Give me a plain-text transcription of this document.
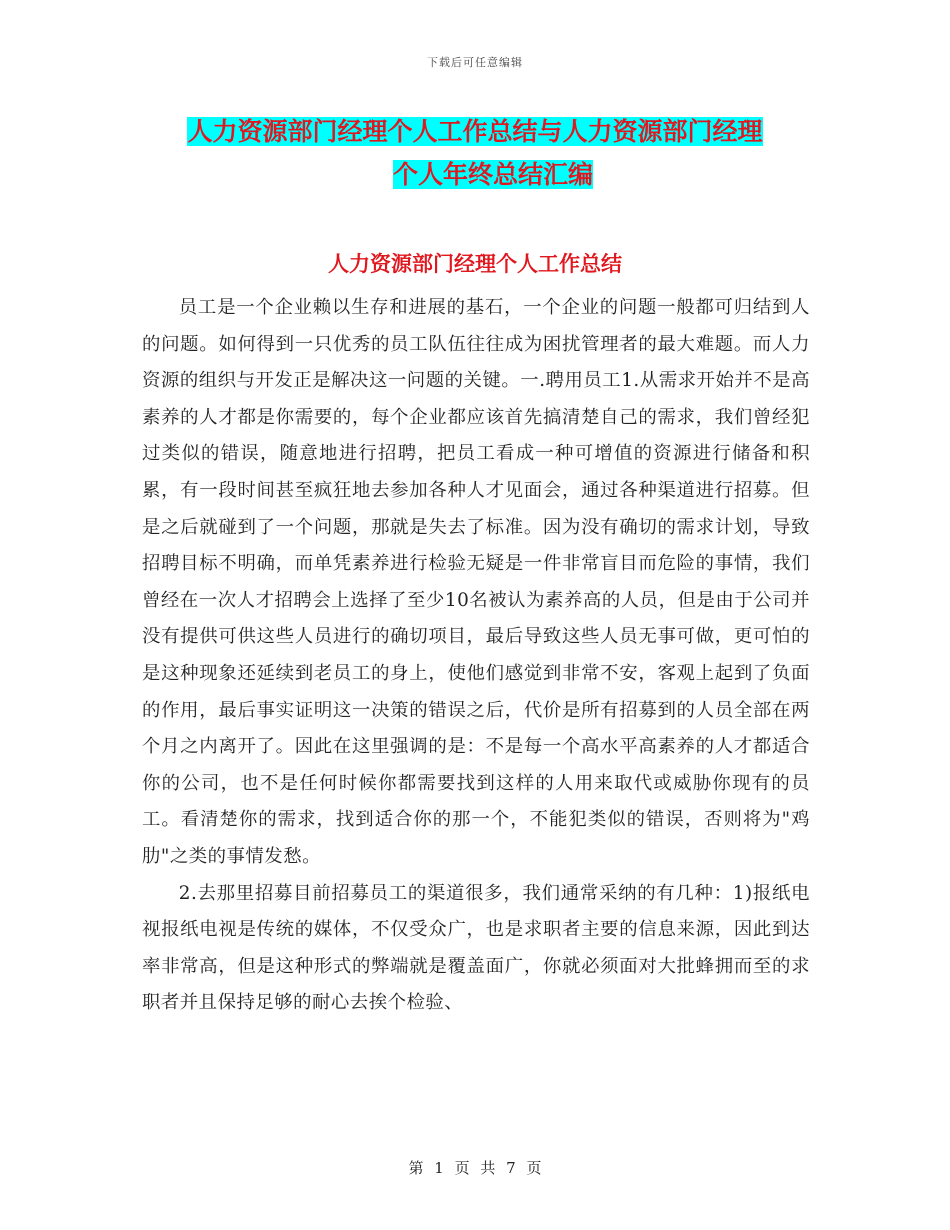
下载后可任意编辑
人力资源部门经理个人工作总结与人力资源部门经理
个人年终总结汇编
人力资源部门经理个人工作总结

员工是一个企业赖以生存和进展的基石，一个企业的问题一般都可归结到人的问题。如何得到一只优秀的员工队伍往往成为困扰管理者的最大难题。而人力资源的组织与开发正是解决这一问题的关键。一.聘用员工1.从需求开始并不是高素养的人才都是你需要的，每个企业都应该首先搞清楚自己的需求，我们曾经犯过类似的错误，随意地进行招聘，把员工看成一种可增值的资源进行储备和积累，有一段时间甚至疯狂地去参加各种人才见面会，通过各种渠道进行招募。但是之后就碰到了一个问题，那就是失去了标准。因为没有确切的需求计划，导致招聘目标不明确，而单凭素养进行检验无疑是一件非常盲目而危险的事情，我们曾经在一次人才招聘会上选择了至少10名被认为素养高的人员，但是由于公司并没有提供可供这些人员进行的确切项目，最后导致这些人员无事可做，更可怕的是这种现象还延续到老员工的身上，使他们感觉到非常不安，客观上起到了负面的作用，最后事实证明这一决策的错误之后，代价是所有招募到的人员全部在两个月之内离开了。因此在这里强调的是：不是每一个高水平高素养的人才都适合你的公司，也不是任何时候你都需要找到这样的人用来取代或威胁你现有的员工。看清楚你的需求，找到适合你的那一个，不能犯类似的错误，否则将为"鸡肋"之类的事情发愁。

2.去那里招募目前招募员工的渠道很多，我们通常采纳的有几种：1)报纸电视报纸电视是传统的媒体，不仅受众广，也是求职者主要的信息来源，因此到达率非常高，但是这种形式的弊端就是覆盖面广，你就必须面对大批蜂拥而至的求职者并且保持足够的耐心去挨个检验、

第 1 页 共 7 页
